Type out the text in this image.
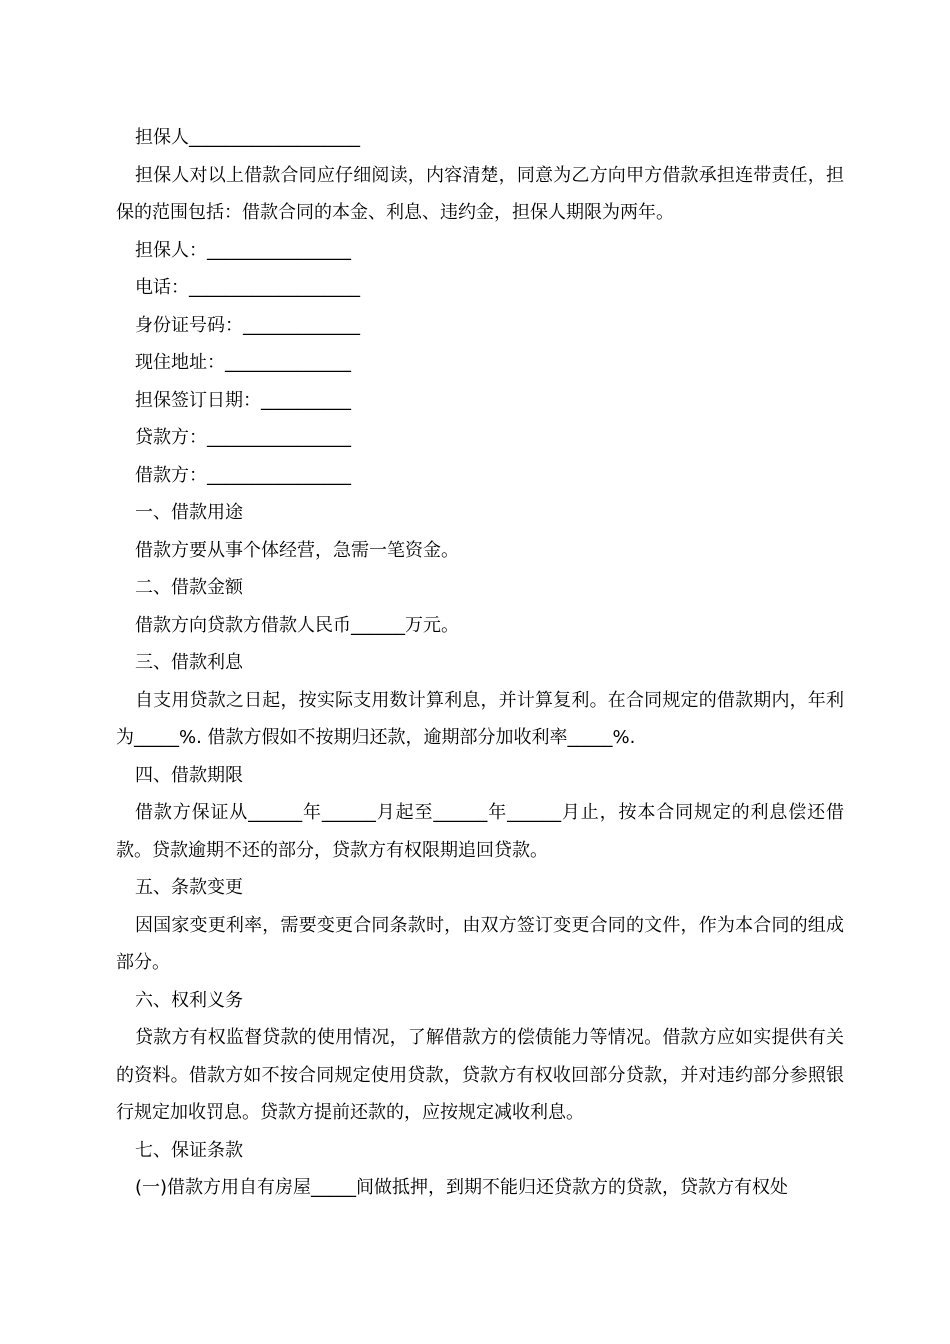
担保人___________________

担保人对以上借款合同应仔细阅读，内容清楚，同意为乙方向甲方借款承担连带责任，担保的范围包括：借款合同的本金、利息、违约金，担保人期限为两年。

担保人：________________

电话：___________________

身份证号码：_____________

现住地址：______________

担保签订日期：__________

贷款方：________________

借款方：________________

一、借款用途

借款方要从事个体经营，急需一笔资金。

二、借款金额

借款方向贷款方借款人民币______万元。

三、借款利息

自支用贷款之日起，按实际支用数计算利息，并计算复利。在合同规定的借款期内，年利为_____%. 借款方假如不按期归还款，逾期部分加收利率_____%.

四、借款期限

借款方保证从______年______月起至______年______月止，按本合同规定的利息偿还借款。贷款逾期不还的部分，贷款方有权限期追回贷款。

五、条款变更

因国家变更利率，需要变更合同条款时，由双方签订变更合同的文件，作为本合同的组成部分。

六、权利义务

贷款方有权监督贷款的使用情况，了解借款方的偿债能力等情况。借款方应如实提供有关的资料。借款方如不按合同规定使用贷款，贷款方有权收回部分贷款，并对违约部分参照银行规定加收罚息。贷款方提前还款的，应按规定减收利息。

七、保证条款

(一)借款方用自有房屋_____间做抵押，到期不能归还贷款方的贷款，贷款方有权处
